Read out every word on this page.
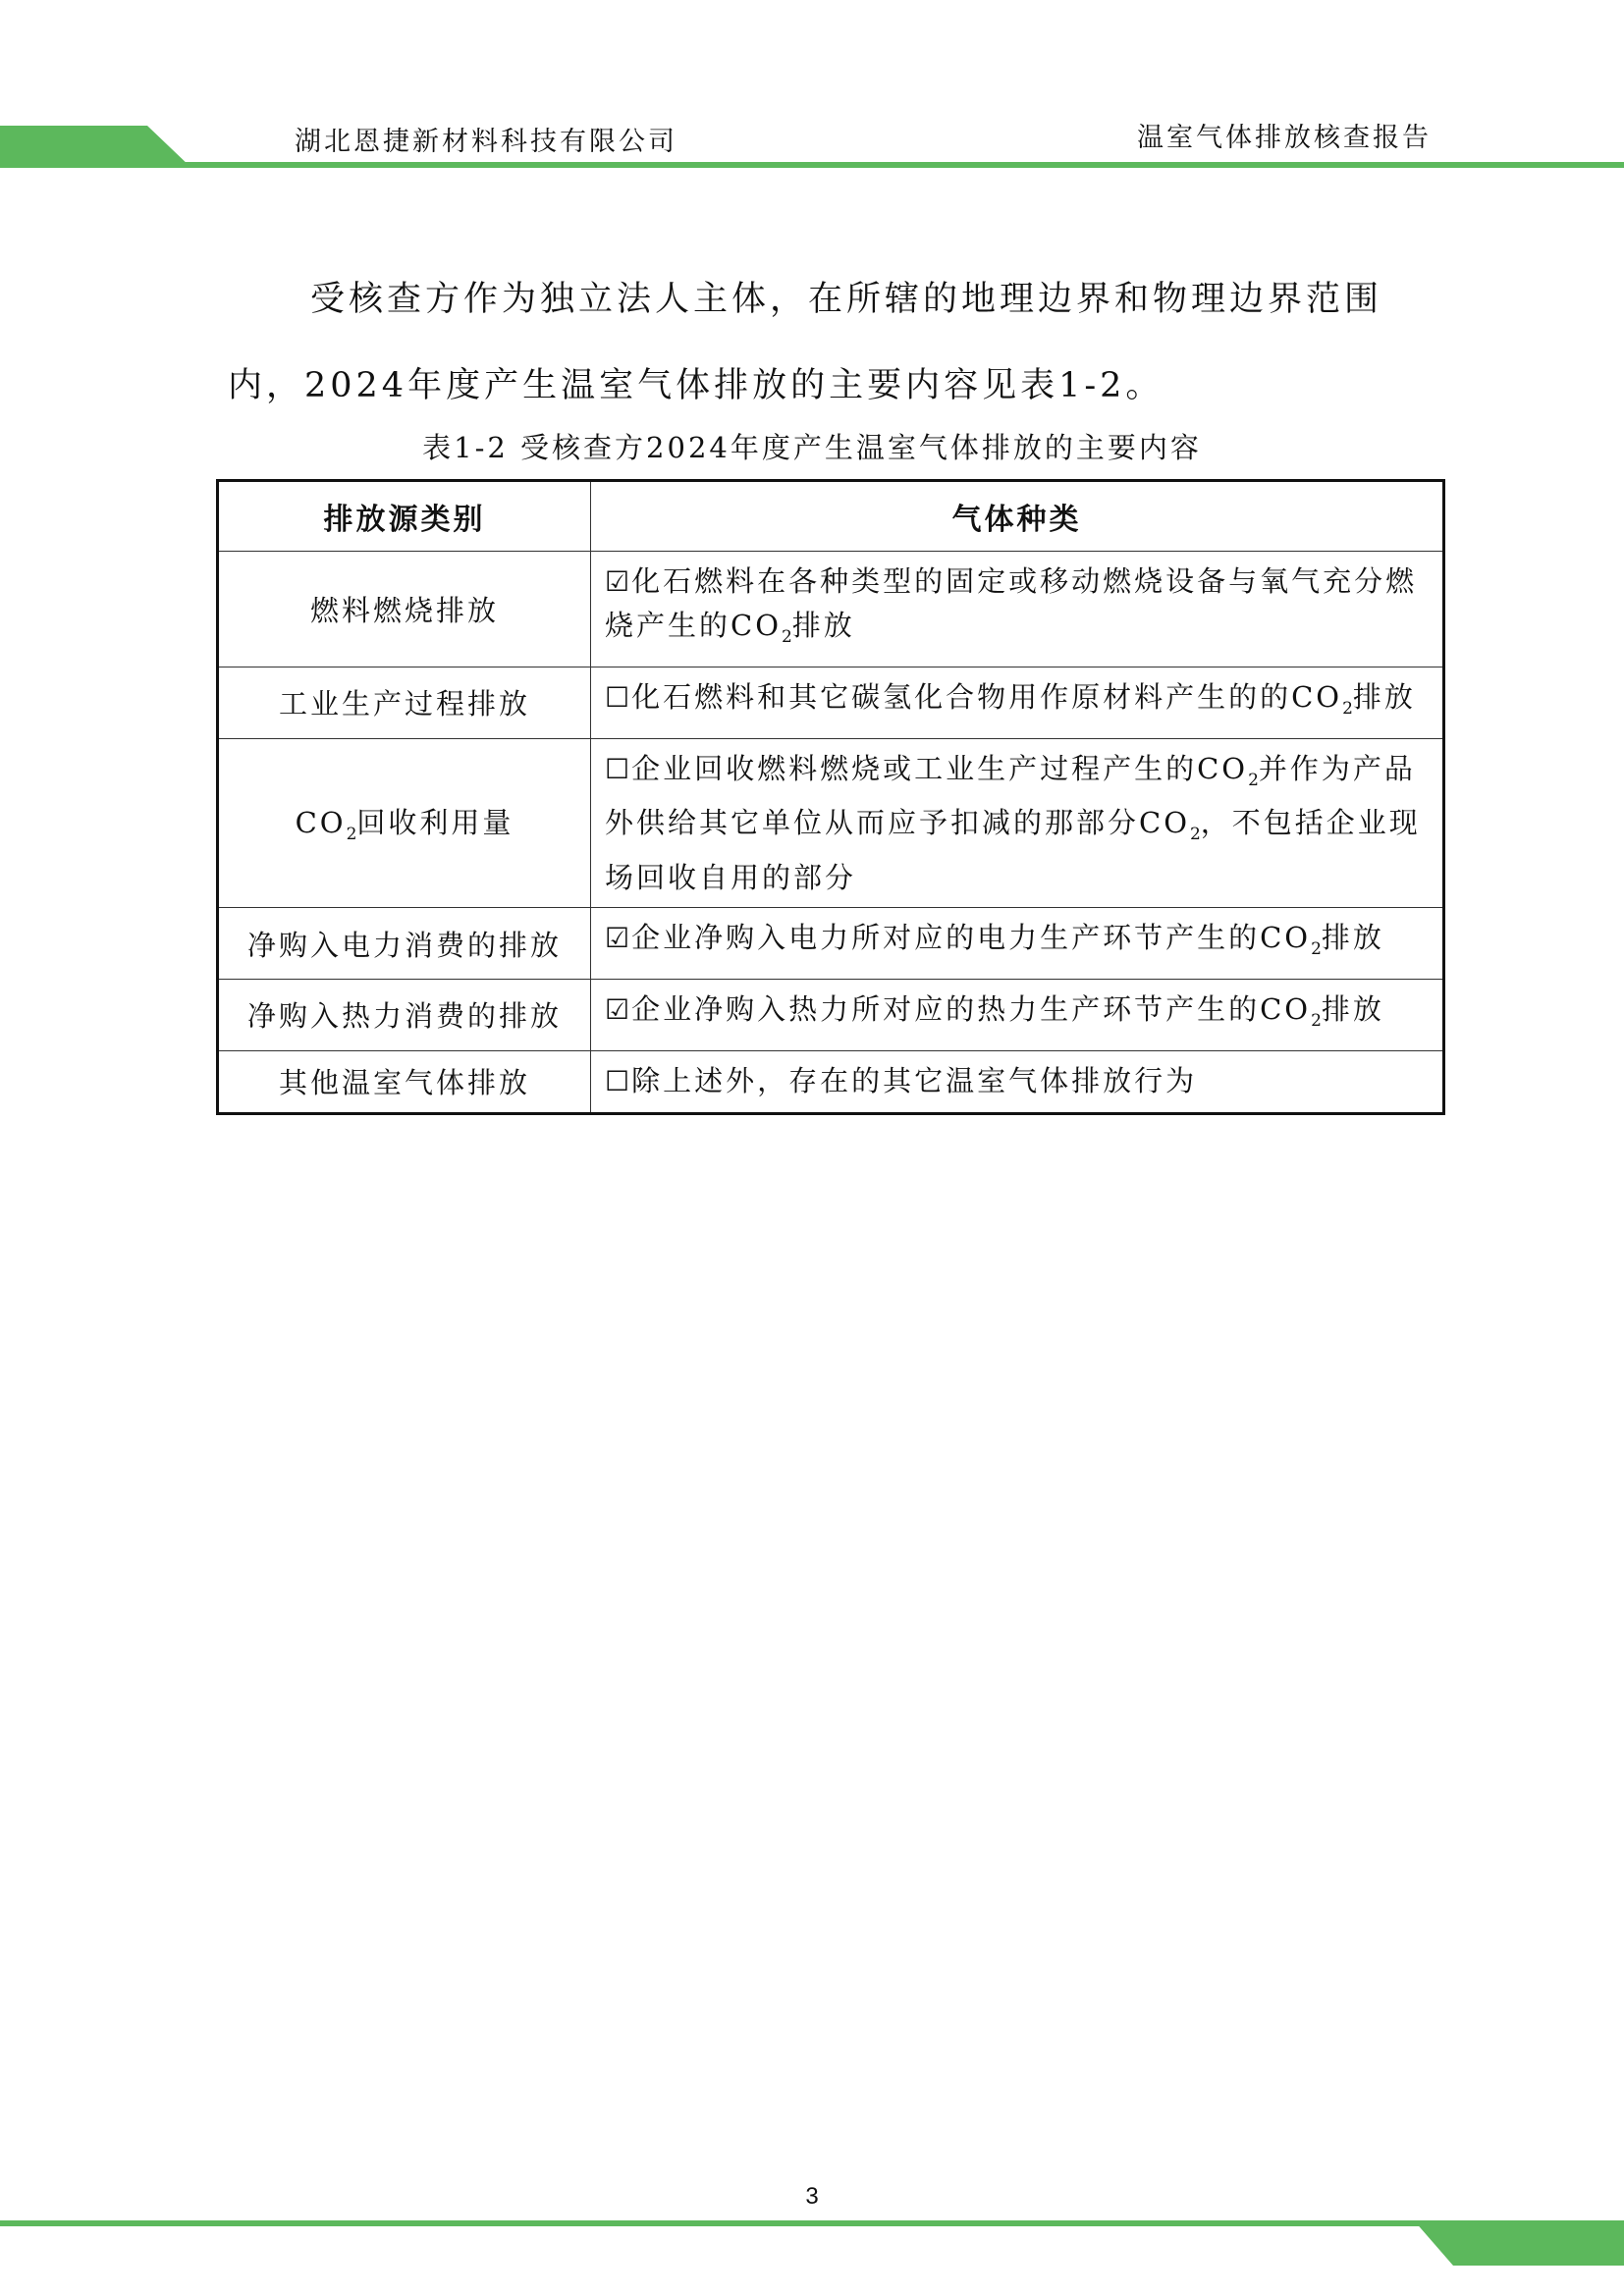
湖北恩捷新材料科技有限公司	温室气体排放核查报告

受核查方作为独立法人主体，在所辖的地理边界和物理边界范围内，2024年度产生温室气体排放的主要内容见表1-2。

表1-2 受核查方2024年度产生温室气体排放的主要内容
排放源类别	气体种类
燃料燃烧排放	☑化石燃料在各种类型的固定或移动燃烧设备与氧气充分燃烧产生的$CO_2$排放
工业生产过程排放	☐化石燃料和其它碳氢化合物用作原材料产生的的$CO_2$排放
$CO_2$回收利用量	☐企业回收燃料燃烧或工业生产过程产生的$CO_2$并作为产品外供给其它单位从而应予扣减的那部分$CO_2$，不包括企业现场回收自用的部分
净购入电力消费的排放	☑企业净购入电力所对应的电力生产环节产生的$CO_2$排放
净购入热力消费的排放	☑企业净购入热力所对应的热力生产环节产生的$CO_2$排放
其他温室气体排放	☐除上述外，存在的其它温室气体排放行为
3
